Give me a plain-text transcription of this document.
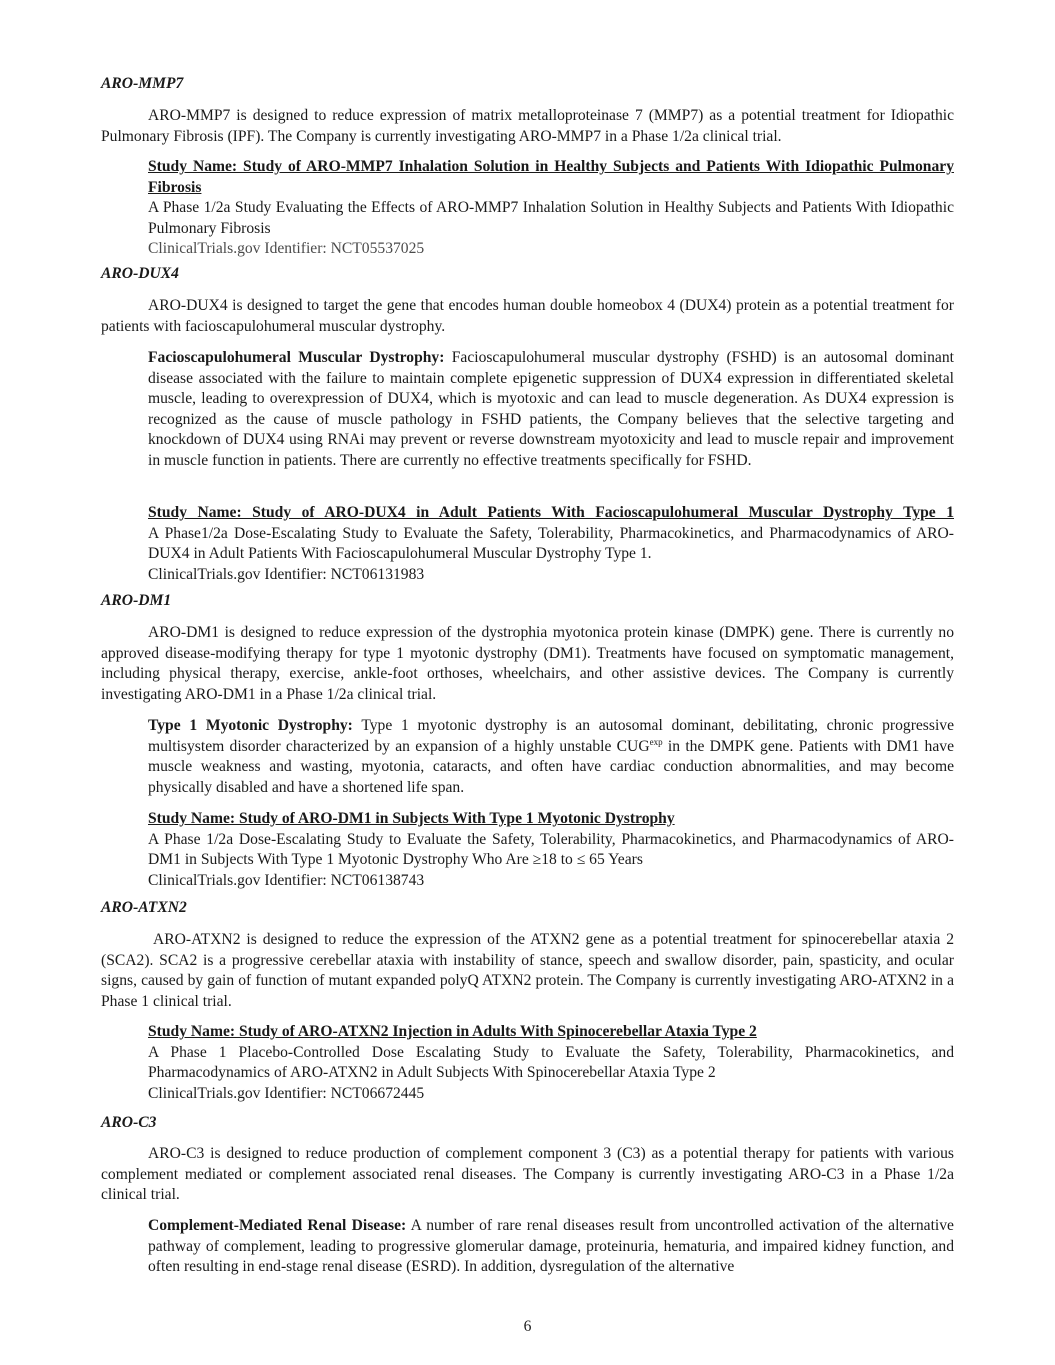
ARO-MMP7
ARO-MMP7 is designed to reduce expression of matrix metalloproteinase 7 (MMP7) as a potential treatment for Idiopathic Pulmonary Fibrosis (IPF). The Company is currently investigating ARO-MMP7 in a Phase 1/2a clinical trial.
Study Name: Study of ARO-MMP7 Inhalation Solution in Healthy Subjects and Patients With Idiopathic Pulmonary Fibrosis
A Phase 1/2a Study Evaluating the Effects of ARO-MMP7 Inhalation Solution in Healthy Subjects and Patients With Idiopathic Pulmonary Fibrosis
ClinicalTrials.gov Identifier: NCT05537025
ARO-DUX4
ARO-DUX4 is designed to target the gene that encodes human double homeobox 4 (DUX4) protein as a potential treatment for patients with facioscapulohumeral muscular dystrophy.
Facioscapulohumeral Muscular Dystrophy: Facioscapulohumeral muscular dystrophy (FSHD) is an autosomal dominant disease associated with the failure to maintain complete epigenetic suppression of DUX4 expression in differentiated skeletal muscle, leading to overexpression of DUX4, which is myotoxic and can lead to muscle degeneration. As DUX4 expression is recognized as the cause of muscle pathology in FSHD patients, the Company believes that the selective targeting and knockdown of DUX4 using RNAi may prevent or reverse downstream myotoxicity and lead to muscle repair and improvement in muscle function in patients. There are currently no effective treatments specifically for FSHD.
Study Name: Study of ARO-DUX4 in Adult Patients With Facioscapulohumeral Muscular Dystrophy Type 1
A Phase1/2a Dose-Escalating Study to Evaluate the Safety, Tolerability, Pharmacokinetics, and Pharmacodynamics of ARO-DUX4 in Adult Patients With Facioscapulohumeral Muscular Dystrophy Type 1.
ClinicalTrials.gov Identifier: NCT06131983
ARO-DM1
ARO-DM1 is designed to reduce expression of the dystrophia myotonica protein kinase (DMPK) gene. There is currently no approved disease-modifying therapy for type 1 myotonic dystrophy (DM1). Treatments have focused on symptomatic management, including physical therapy, exercise, ankle-foot orthoses, wheelchairs, and other assistive devices. The Company is currently investigating ARO-DM1 in a Phase 1/2a clinical trial.
Type 1 Myotonic Dystrophy: Type 1 myotonic dystrophy is an autosomal dominant, debilitating, chronic progressive multisystem disorder characterized by an expansion of a highly unstable $CUG^{exp}$ in the DMPK gene. Patients with DM1 have muscle weakness and wasting, myotonia, cataracts, and often have cardiac conduction abnormalities, and may become physically disabled and have a shortened life span.
Study Name: Study of ARO-DM1 in Subjects With Type 1 Myotonic Dystrophy
A Phase 1/2a Dose-Escalating Study to Evaluate the Safety, Tolerability, Pharmacokinetics, and Pharmacodynamics of ARO-DM1 in Subjects With Type 1 Myotonic Dystrophy Who Are ≥18 to ≤ 65 Years
ClinicalTrials.gov Identifier: NCT06138743
ARO-ATXN2
ARO-ATXN2 is designed to reduce the expression of the ATXN2 gene as a potential treatment for spinocerebellar ataxia 2 (SCA2). SCA2 is a progressive cerebellar ataxia with instability of stance, speech and swallow disorder, pain, spasticity, and ocular signs, caused by gain of function of mutant expanded polyQ ATXN2 protein. The Company is currently investigating ARO-ATXN2 in a Phase 1 clinical trial.
Study Name: Study of ARO-ATXN2 Injection in Adults With Spinocerebellar Ataxia Type 2
A Phase 1 Placebo-Controlled Dose Escalating Study to Evaluate the Safety, Tolerability, Pharmacokinetics, and Pharmacodynamics of ARO-ATXN2 in Adult Subjects With Spinocerebellar Ataxia Type 2
ClinicalTrials.gov Identifier: NCT06672445
ARO-C3
ARO-C3 is designed to reduce production of complement component 3 (C3) as a potential therapy for patients with various complement mediated or complement associated renal diseases. The Company is currently investigating ARO-C3 in a Phase 1/2a clinical trial.
Complement-Mediated Renal Disease: A number of rare renal diseases result from uncontrolled activation of the alternative pathway of complement, leading to progressive glomerular damage, proteinuria, hematuria, and impaired kidney function, and often resulting in end-stage renal disease (ESRD). In addition, dysregulation of the alternative
6
